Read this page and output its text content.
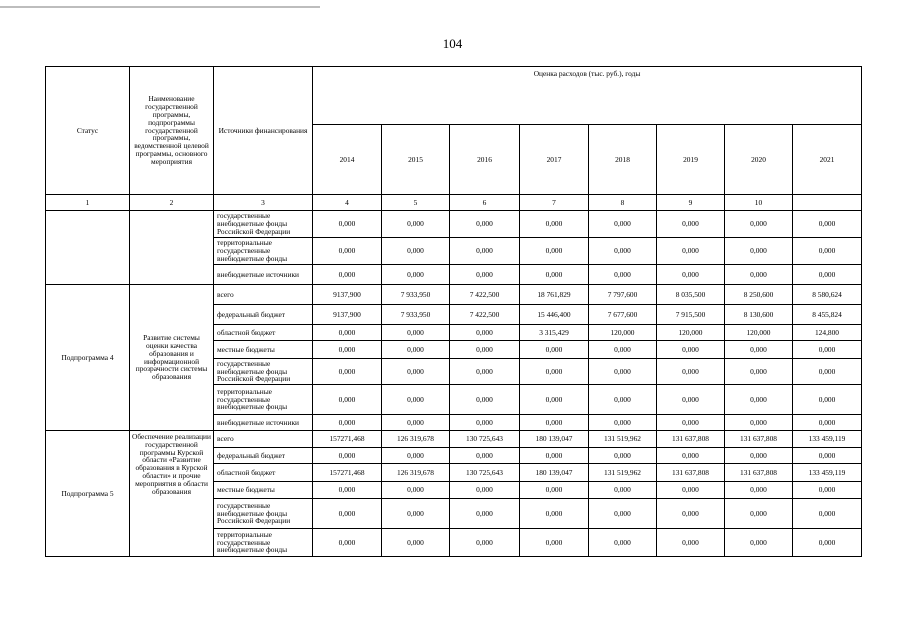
104
Статус	Наименование государственной программы, подпрограммы государственной программы, ведомственной целевой программы, основного мероприятия	Источники финансирования	Оценка расходов (тыс. руб.), годы							
			2014	2015	2016	2017	2018	2019	2020	2021
1	2	3	4	5	6	7	8	9	10	
		государственные внебюджетные фонды Российской Федерации	0,000	0,000	0,000	0,000	0,000	0,000	0,000	0,000
		территориальные государственные внебюджетные фонды	0,000	0,000	0,000	0,000	0,000	0,000	0,000	0,000
		внебюджетные источники	0,000	0,000	0,000	0,000	0,000	0,000	0,000	0,000
Подпрограмма 4	Развитие системы оценки качества образования и информационной прозрачности системы образования	всего	9137,900	7 933,950	7 422,500	18 761,829	7 797,600	8 035,500	8 250,600	8 580,624
		федеральный бюджет	9137,900	7 933,950	7 422,500	15 446,400	7 677,600	7 915,500	8 130,600	8 455,824
		областной бюджет	0,000	0,000	0,000	3 315,429	120,000	120,000	120,000	124,800
		местные бюджеты	0,000	0,000	0,000	0,000	0,000	0,000	0,000	0,000
		государственные внебюджетные фонды Российской Федерации	0,000	0,000	0,000	0,000	0,000	0,000	0,000	0,000
		территориальные государственные внебюджетные фонды	0,000	0,000	0,000	0,000	0,000	0,000	0,000	0,000
		внебюджетные источники	0,000	0,000	0,000	0,000	0,000	0,000	0,000	0,000
Подпрограмма 5	Обеспечение реализации государственной программы Курской области «Развитие образования в Курской области» и прочие мероприятия в области образования	всего	157271,468	126 319,678	130 725,643	180 139,047	131 519,962	131 637,808	131 637,808	133 459,119
		федеральный бюджет	0,000	0,000	0,000	0,000	0,000	0,000	0,000	0,000
		областной бюджет	157271,468	126 319,678	130 725,643	180 139,047	131 519,962	131 637,808	131 637,808	133 459,119
		местные бюджеты	0,000	0,000	0,000	0,000	0,000	0,000	0,000	0,000
		государственные внебюджетные фонды Российской Федерации	0,000	0,000	0,000	0,000	0,000	0,000	0,000	0,000
		территориальные государственные внебюджетные фонды	0,000	0,000	0,000	0,000	0,000	0,000	0,000	0,000
